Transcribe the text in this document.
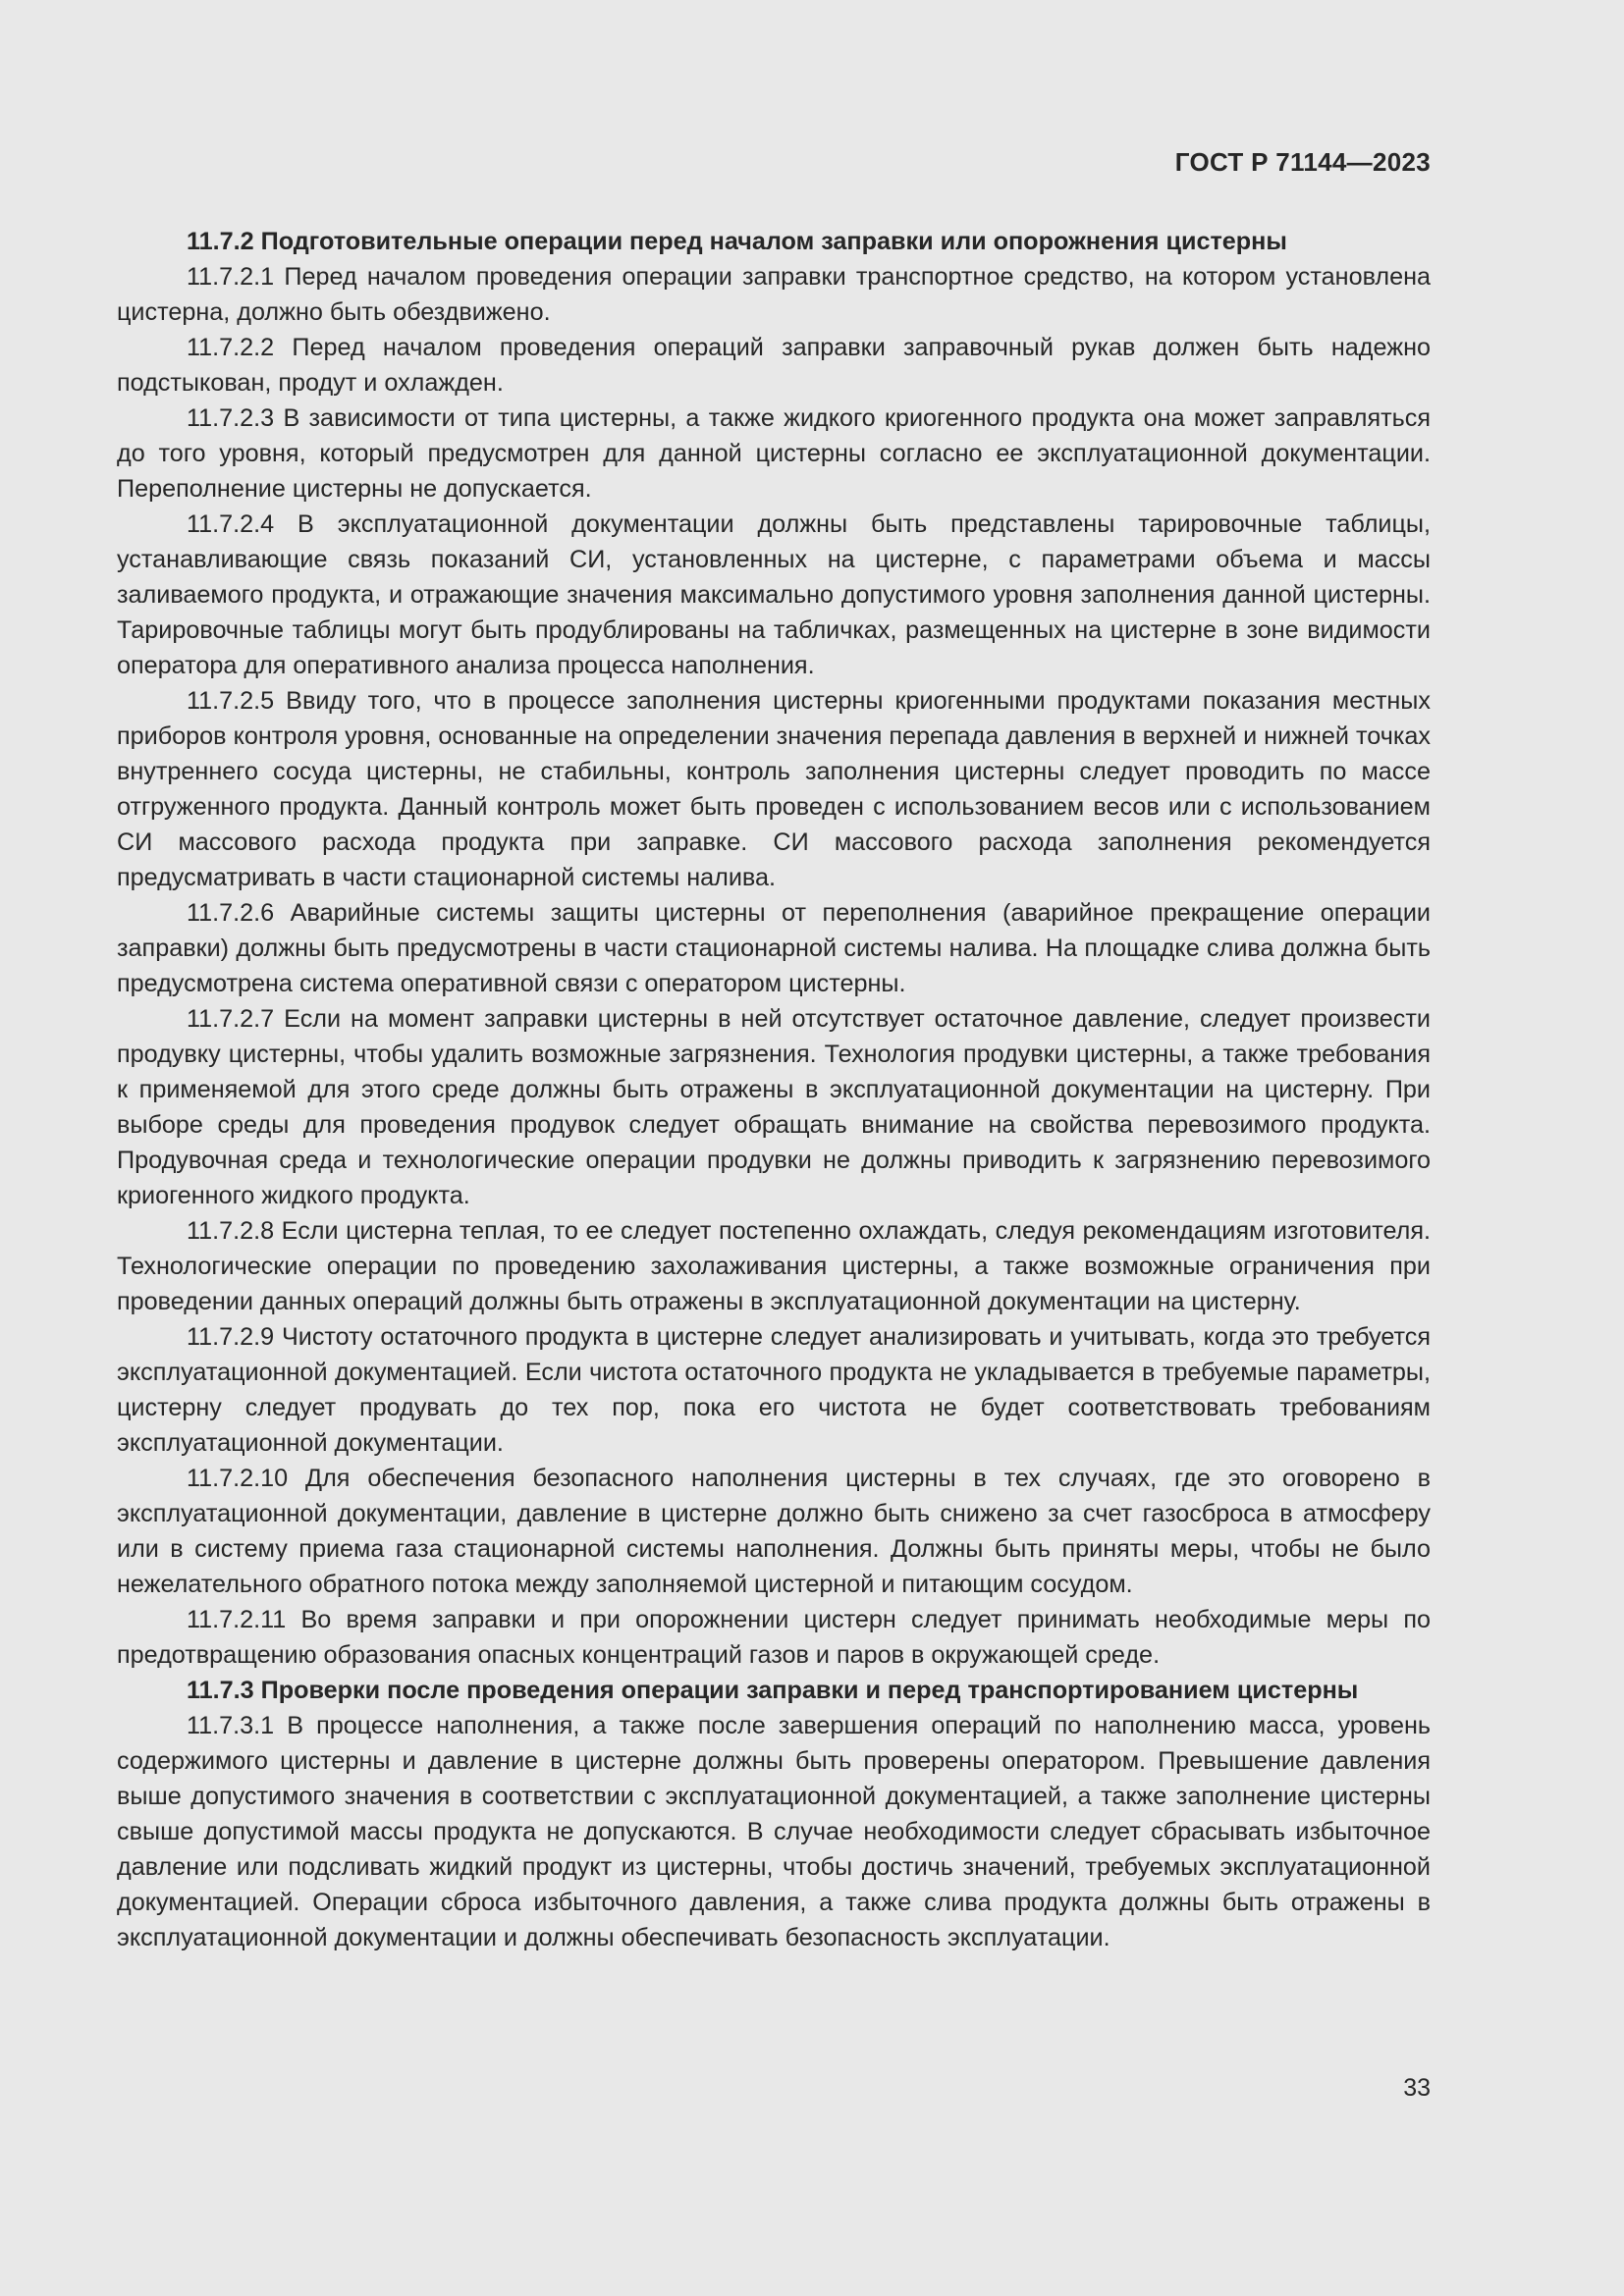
ГОСТ Р 71144—2023

11.7.2 Подготовительные операции перед началом заправки или опорожнения цистерны

11.7.2.1 Перед началом проведения операции заправки транспортное средство, на котором установлена цистерна, должно быть обездвижено.

11.7.2.2 Перед началом проведения операций заправки заправочный рукав должен быть надежно подстыкован, продут и охлажден.

11.7.2.3 В зависимости от типа цистерны, а также жидкого криогенного продукта она может заправляться до того уровня, который предусмотрен для данной цистерны согласно ее эксплуатационной документации. Переполнение цистерны не допускается.

11.7.2.4 В эксплуатационной документации должны быть представлены тарировочные таблицы, устанавливающие связь показаний СИ, установленных на цистерне, с параметрами объема и массы заливаемого продукта, и отражающие значения максимально допустимого уровня заполнения данной цистерны. Тарировочные таблицы могут быть продублированы на табличках, размещенных на цистерне в зоне видимости оператора для оперативного анализа процесса наполнения.

11.7.2.5 Ввиду того, что в процессе заполнения цистерны криогенными продуктами показания местных приборов контроля уровня, основанные на определении значения перепада давления в верхней и нижней точках внутреннего сосуда цистерны, не стабильны, контроль заполнения цистерны следует проводить по массе отгруженного продукта. Данный контроль может быть проведен с использованием весов или с использованием СИ массового расхода продукта при заправке. СИ массового расхода заполнения рекомендуется предусматривать в части стационарной системы налива.

11.7.2.6 Аварийные системы защиты цистерны от переполнения (аварийное прекращение операции заправки) должны быть предусмотрены в части стационарной системы налива. На площадке слива должна быть предусмотрена система оперативной связи с оператором цистерны.

11.7.2.7 Если на момент заправки цистерны в ней отсутствует остаточное давление, следует произвести продувку цистерны, чтобы удалить возможные загрязнения. Технология продувки цистерны, а также требования к применяемой для этого среде должны быть отражены в эксплуатационной документации на цистерну. При выборе среды для проведения продувок следует обращать внимание на свойства перевозимого продукта. Продувочная среда и технологические операции продувки не должны приводить к загрязнению перевозимого криогенного жидкого продукта.

11.7.2.8 Если цистерна теплая, то ее следует постепенно охлаждать, следуя рекомендациям изготовителя. Технологические операции по проведению захолаживания цистерны, а также возможные ограничения при проведении данных операций должны быть отражены в эксплуатационной документации на цистерну.

11.7.2.9 Чистоту остаточного продукта в цистерне следует анализировать и учитывать, когда это требуется эксплуатационной документацией. Если чистота остаточного продукта не укладывается в требуемые параметры, цистерну следует продувать до тех пор, пока его чистота не будет соответствовать требованиям эксплуатационной документации.

11.7.2.10 Для обеспечения безопасного наполнения цистерны в тех случаях, где это оговорено в эксплуатационной документации, давление в цистерне должно быть снижено за счет газосброса в атмосферу или в систему приема газа стационарной системы наполнения. Должны быть приняты меры, чтобы не было нежелательного обратного потока между заполняемой цистерной и питающим сосудом.

11.7.2.11 Во время заправки и при опорожнении цистерн следует принимать необходимые меры по предотвращению образования опасных концентраций газов и паров в окружающей среде.

11.7.3 Проверки после проведения операции заправки и перед транспортированием цистерны

11.7.3.1 В процессе наполнения, а также после завершения операций по наполнению масса, уровень содержимого цистерны и давление в цистерне должны быть проверены оператором. Превышение давления выше допустимого значения в соответствии с эксплуатационной документацией, а также заполнение цистерны свыше допустимой массы продукта не допускаются. В случае необходимости следует сбрасывать избыточное давление или подсливать жидкий продукт из цистерны, чтобы достичь значений, требуемых эксплуатационной документацией. Операции сброса избыточного давления, а также слива продукта должны быть отражены в эксплуатационной документации и должны обеспечивать безопасность эксплуатации.

33
